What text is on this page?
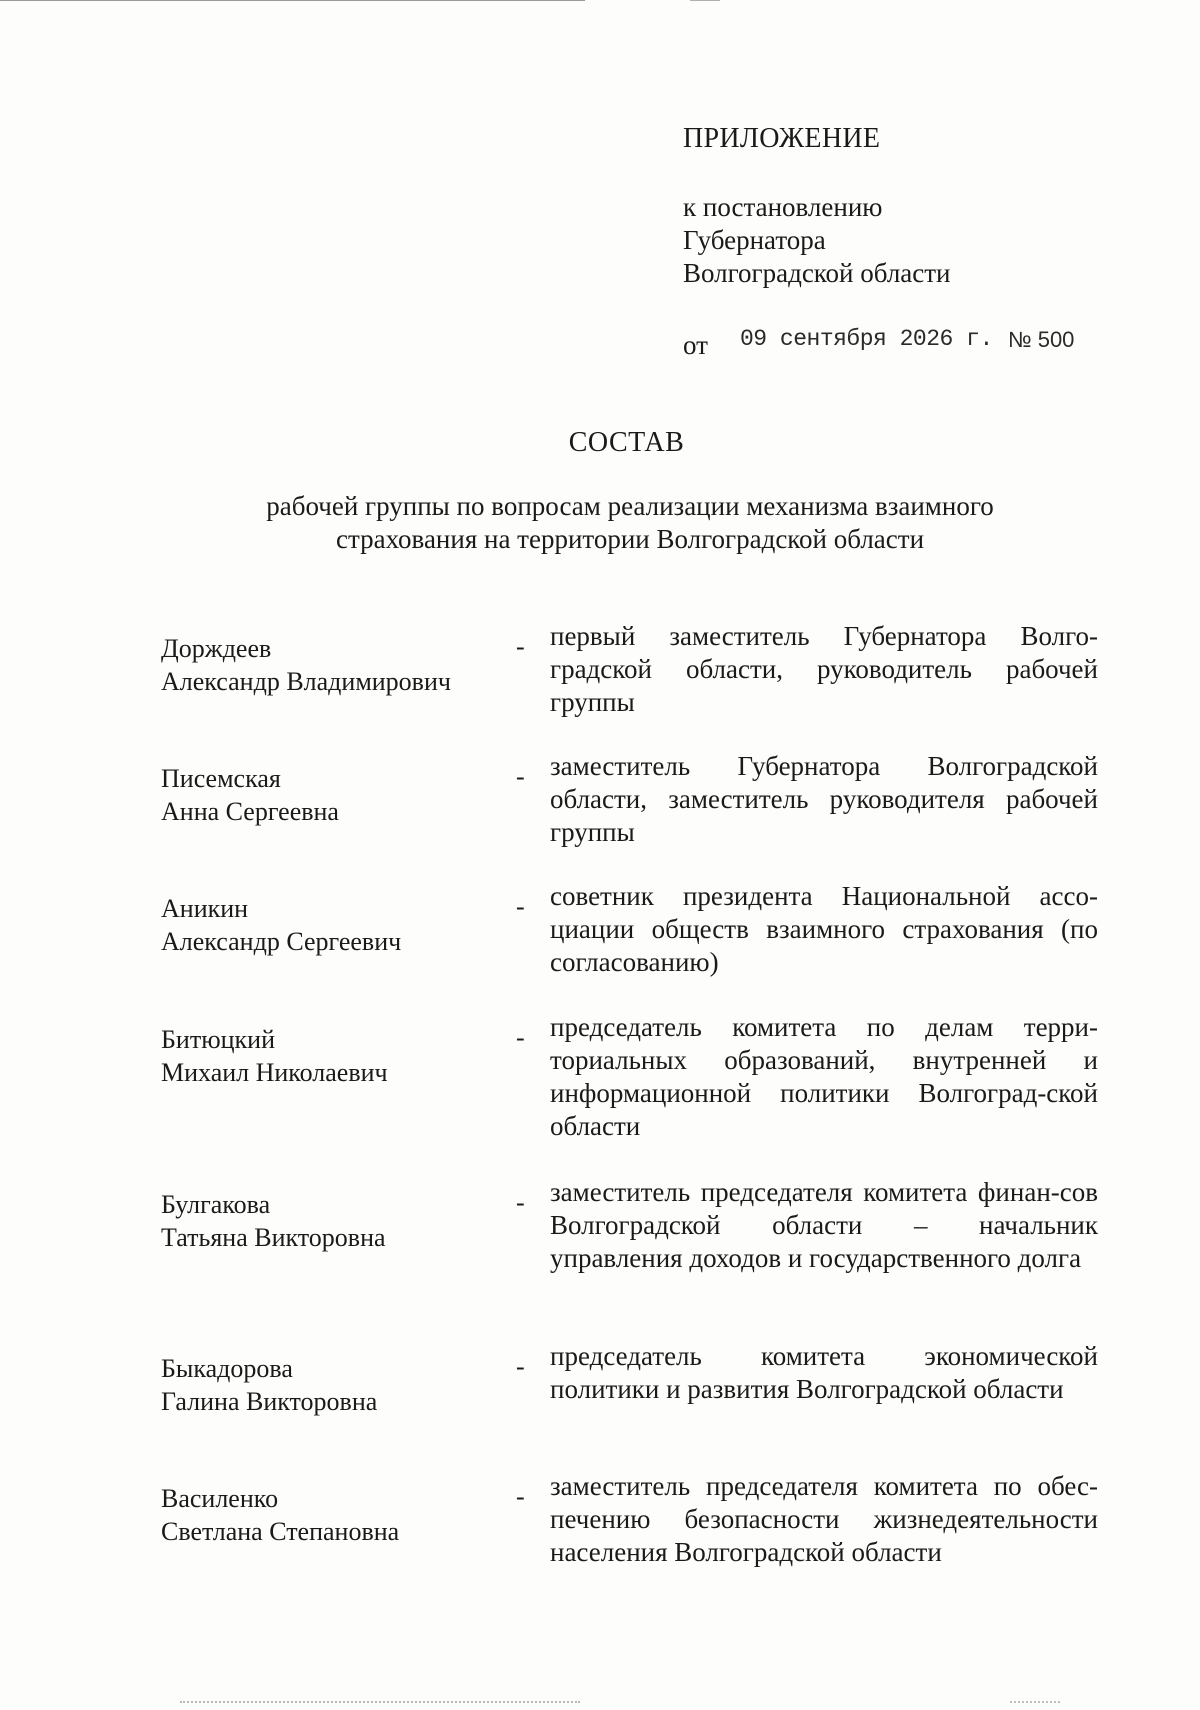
ПРИЛОЖЕНИЕ
к постановлению
Губернатора
Волгоградской области
от 09 сентября 2026 г. № 500
СОСТАВ
рабочей группы по вопросам реализации механизма взаимного
страхования на территории Волгоградской области
Дорждеев
Александр Владимирович
- первый заместитель Губернатора Волго-градской области, руководитель рабочей группы
Писемская
Анна Сергеевна
- заместитель Губернатора Волгоградской области, заместитель руководителя рабочей группы
Аникин
Александр Сергеевич
- советник президента Национальной ассо-циации обществ взаимного страхования (по согласованию)
Битюцкий
Михаил Николаевич
- председатель комитета по делам терри-ториальных образований, внутренней и информационной политики Волгоград-ской области
Булгакова
Татьяна Викторовна
- заместитель председателя комитета финан-сов Волгоградской области – начальник управления доходов и государственного долга
Быкадорова
Галина Викторовна
- председатель комитета экономической политики и развития Волгоградской области
Василенко
Светлана Степановна
- заместитель председателя комитета по обес-печению безопасности жизнедеятельности населения Волгоградской области
